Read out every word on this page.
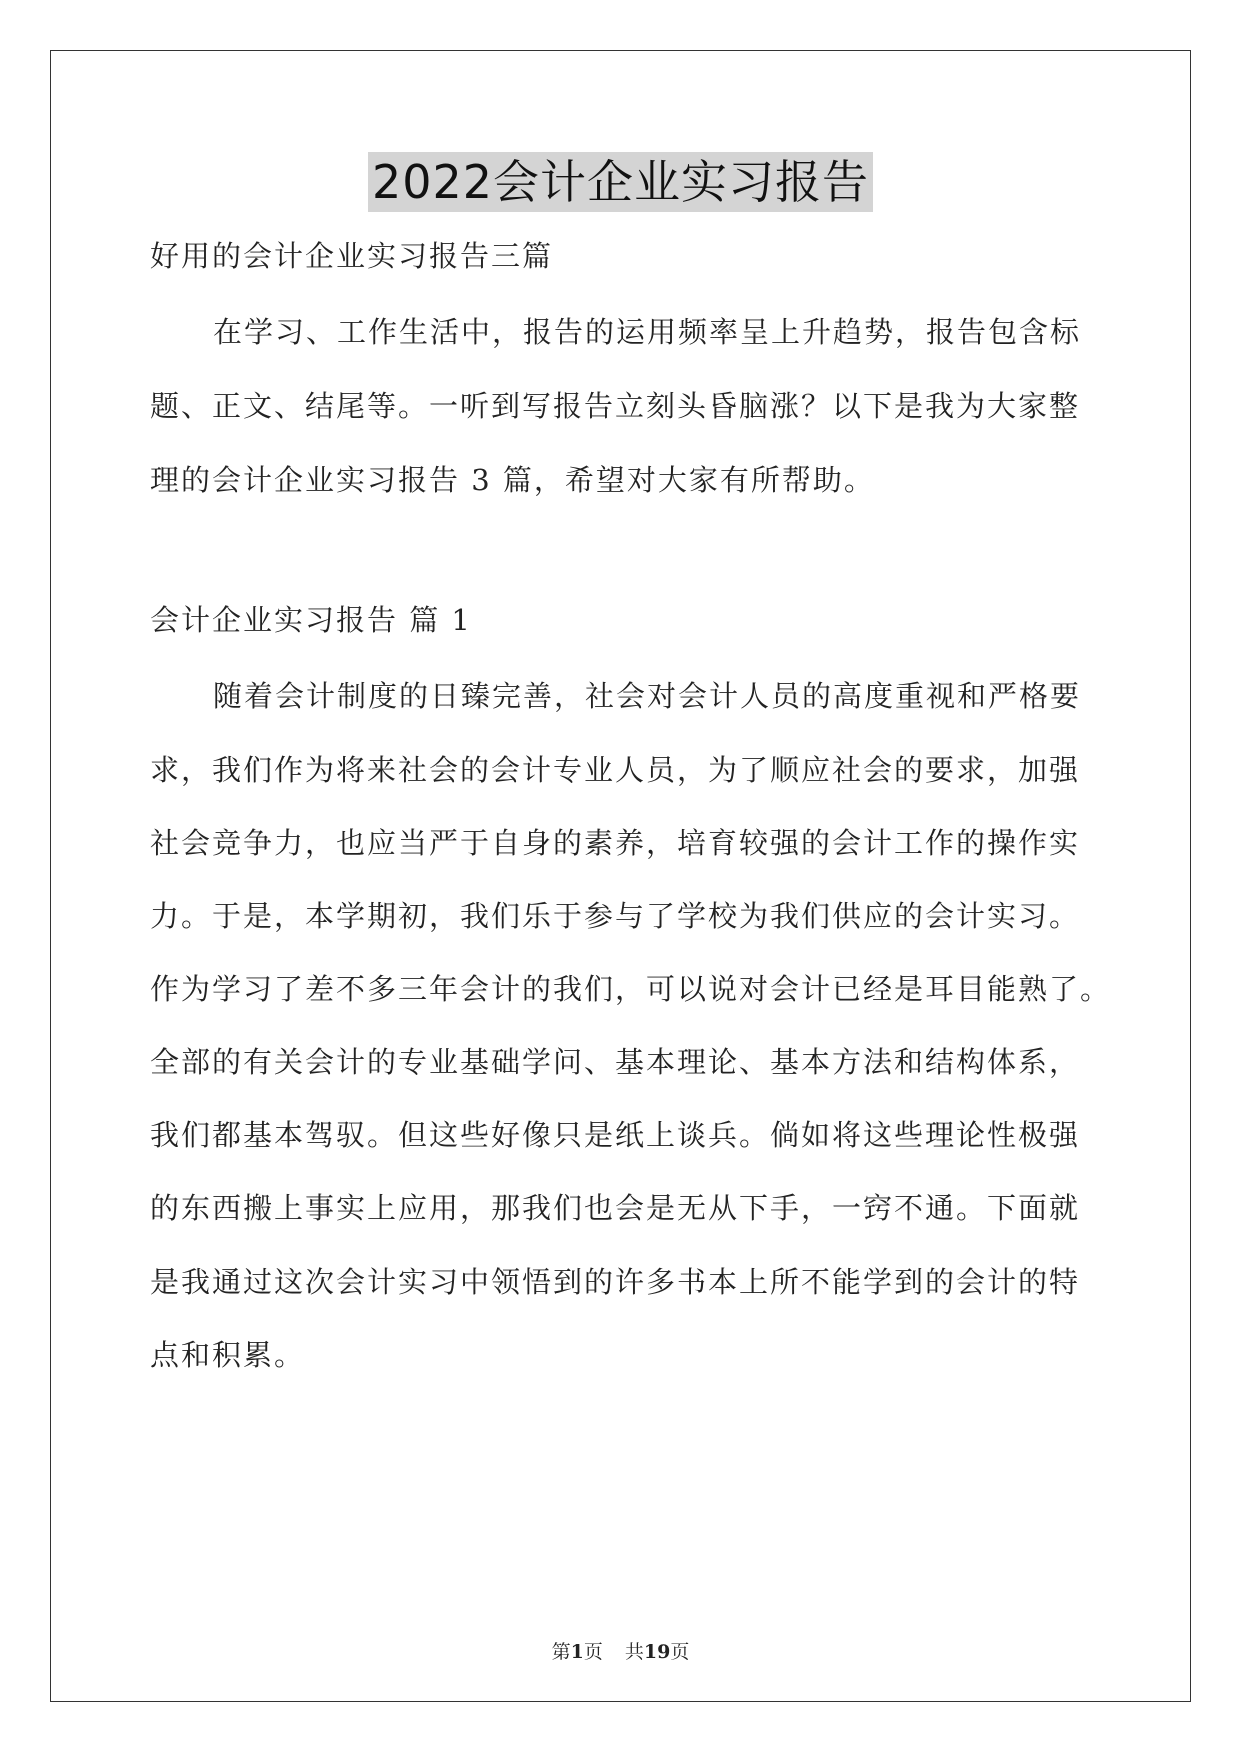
2022会计企业实习报告
好用的会计企业实习报告三篇
在学习、工作生活中，报告的运用频率呈上升趋势，报告包含标
题、正文、结尾等。一听到写报告立刻头昏脑涨？以下是我为大家整
理的会计企业实习报告 3 篇，希望对大家有所帮助。
会计企业实习报告 篇 1
随着会计制度的日臻完善，社会对会计人员的高度重视和严格要
求，我们作为将来社会的会计专业人员，为了顺应社会的要求，加强
社会竞争力，也应当严于自身的素养，培育较强的会计工作的操作实
力。于是，本学期初，我们乐于参与了学校为我们供应的会计实习。
作为学习了差不多三年会计的我们，可以说对会计已经是耳目能熟了。
全部的有关会计的专业基础学问、基本理论、基本方法和结构体系，
我们都基本驾驭。但这些好像只是纸上谈兵。倘如将这些理论性极强
的东西搬上事实上应用，那我们也会是无从下手，一窍不通。下面就
是我通过这次会计实习中领悟到的许多书本上所不能学到的会计的特
点和积累。
第1页 共19页
